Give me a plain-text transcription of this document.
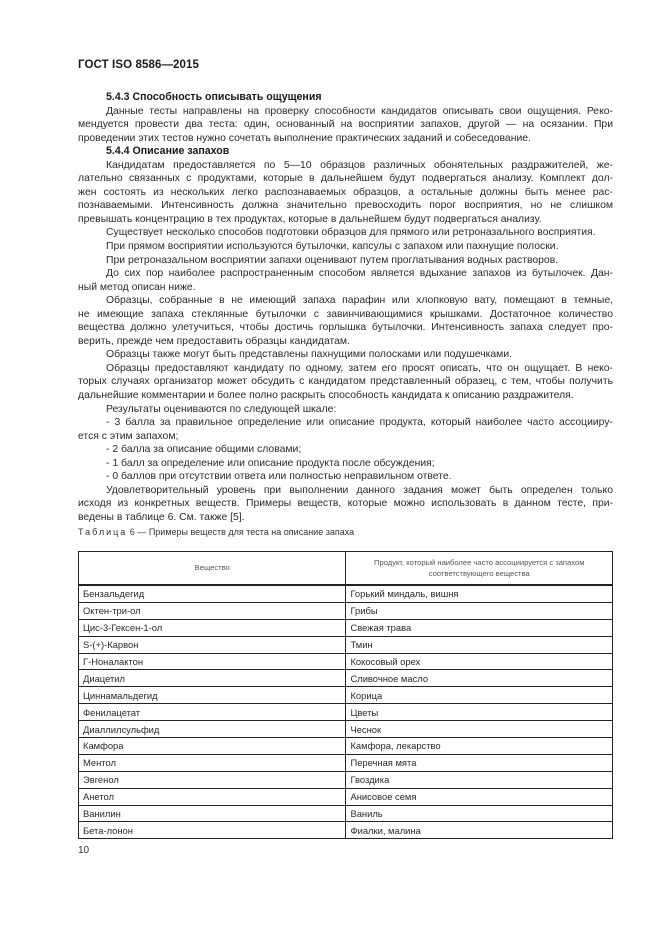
ГОСТ ISO 8586—2015
5.4.3 Способность описывать ощущения
Данные тесты направлены на проверку способности кандидатов описывать свои ощущения. Реко-
мендуется провести два теста: один, основанный на восприятии запахов, другой — на осязании. При
проведении этих тестов нужно сочетать выполнение практических заданий и собеседование.
5.4.4 Описание запахов
Кандидатам предоставляется по 5—10 образцов различных обонятельных раздражителей, же-
лательно связанных с продуктами, которые в дальнейшем будут подвергаться анализу. Комплект дол-
жен состоять из нескольких легко распознаваемых образцов, а остальные должны быть менее рас-
познаваемыми. Интенсивность должна значительно превосходить порог восприятия, но не слишком
превышать концентрацию в тех продуктах, которые в дальнейшем будут подвергаться анализу.
Существует несколько способов подготовки образцов для прямого или ретроназального восприятия.
При прямом восприятии используются бутылочки, капсулы с запахом или пахнущие полоски.
При ретроназальном восприятии запахи оценивают путем проглатывания водных растворов.
До сих пор наиболее распространенным способом является вдыхание запахов из бутылочек. Дан-
ный метод описан ниже.
Образцы, собранные в не имеющий запаха парафин или хлопковую вату, помещают в темные,
не имеющие запаха стеклянные бутылочки с завинчивающимися крышками. Достаточное количество
вещества должно улетучиться, чтобы достичь горлышка бутылочки. Интенсивность запаха следует про-
верить, прежде чем предоставить образцы кандидатам.
Образцы также могут быть представлены пахнущими полосками или подушечками.
Образцы предоставляют кандидату по одному, затем его просят описать, что он ощущает. В неко-
торых случаях организатор может обсудить с кандидатом представленный образец, с тем, чтобы получить
дальнейшие комментарии и более полно раскрыть способность кандидата к описанию раздражителя.
Результаты оцениваются по следующей шкале:
- 3 балла за правильное определение или описание продукта, который наиболее часто ассоцииру-
ется с этим запахом;
- 2 балла за описание общими словами;
- 1 балл за определение или описание продукта после обсуждения;
- 0 баллов при отсутствии ответа или полностью неправильном ответе.
Удовлетворительный уровень при выполнении данного задания может быть определен только
исходя из конкретных веществ. Примеры веществ, которые можно использовать в данном тесте, при-
ведены в таблице 6. См. также [5].
Таблица 6 — Примеры веществ для теста на описание запаха
Вещество	Продукт, который наиболее часто ассоциируется с запахом соответствующего вещества
Бензальдегид	Горький миндаль, вишня
Октен-три-ол	Грибы
Цис-3-Гексен-1-ол	Свежая трава
S-(+)-Карвон	Тмин
Г-Ноналактон	Кокосовый орех
Диацетил	Сливочное масло
Циннамальдегид	Корица
Фенилацетат	Цветы
Диаллилсульфид	Чеснок
Камфора	Камфора, лекарство
Ментол	Перечная мята
Эвгенол	Гвоздика
Анетол	Анисовое семя
Ванилин	Ваниль
Бета-лонон	Фиалки, малина
10
